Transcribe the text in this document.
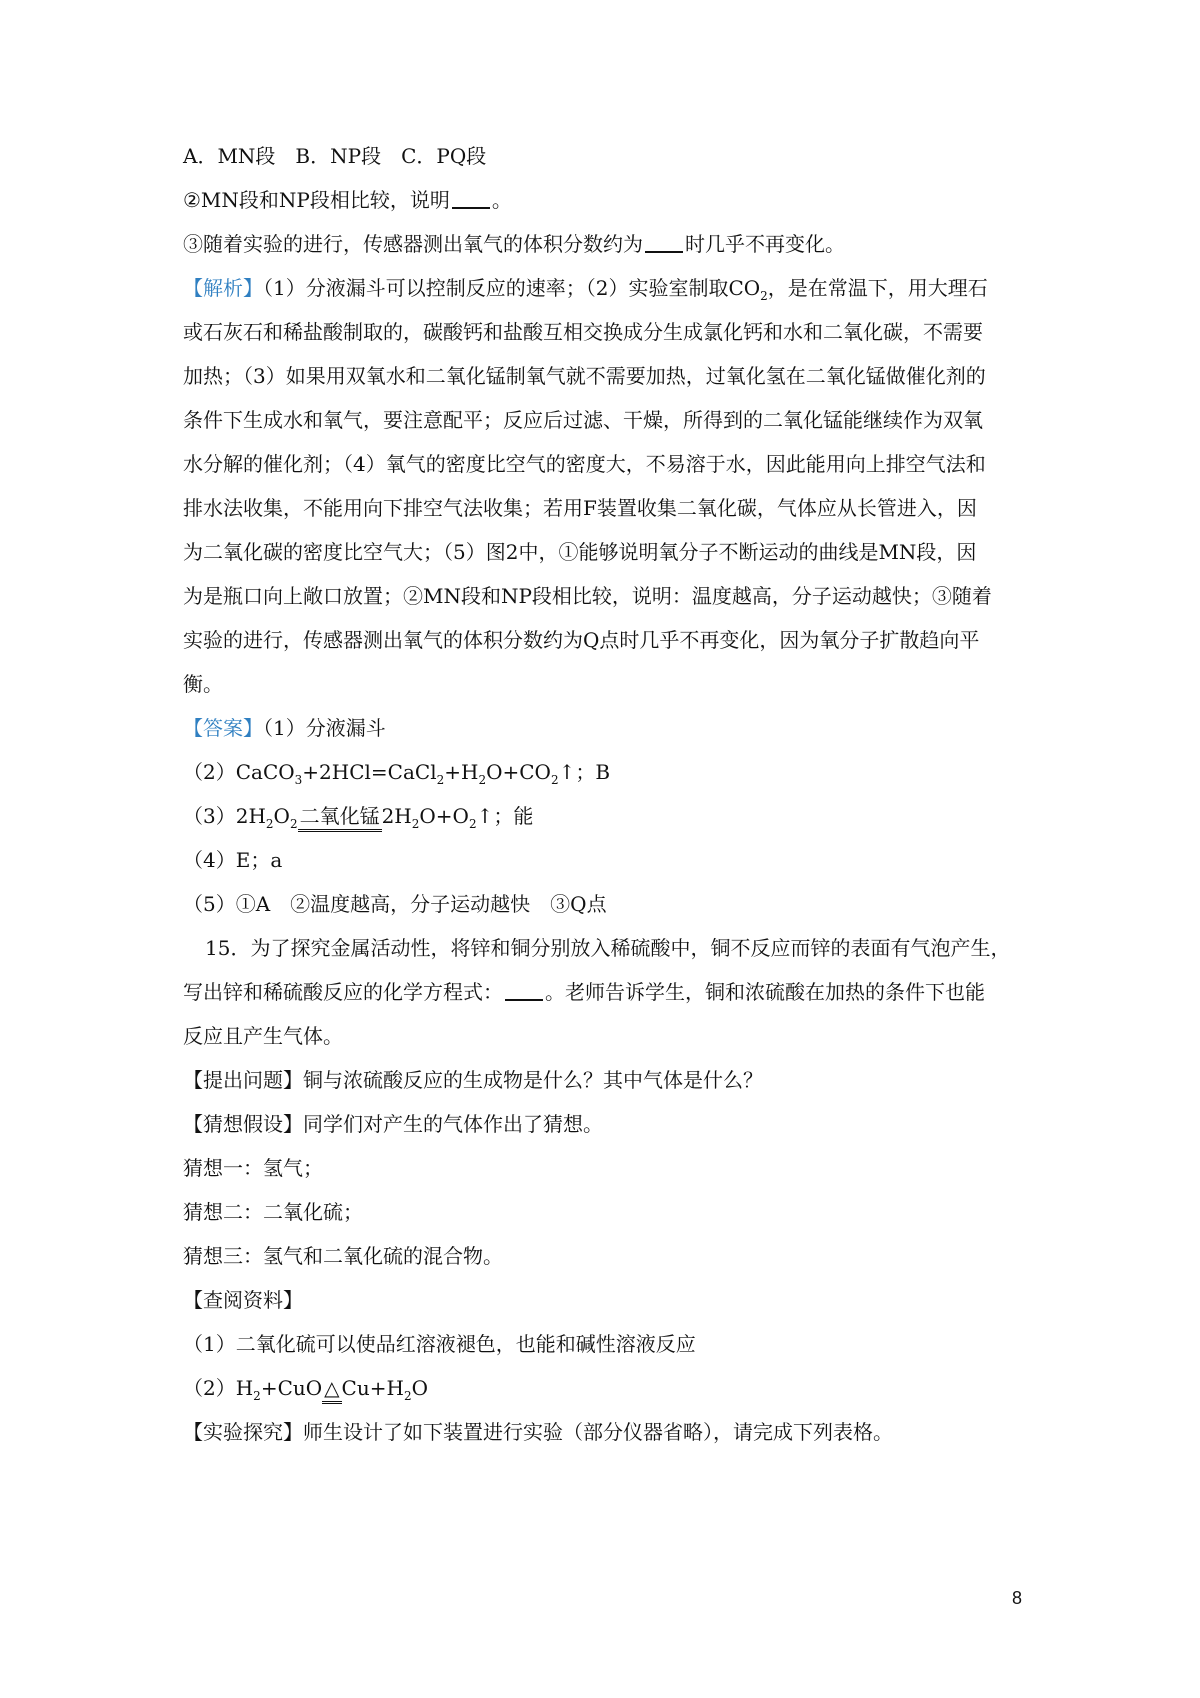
A．MN段　B．NP段　C．PQ段
②MN段和NP段相比较，说明 。
③随着实验的进行，传感器测出氧气的体积分数约为 时几乎不再变化。
【解析】（1）分液漏斗可以控制反应的速率；（2）实验室制取$CO_2$，是在常温下，用大理石
或石灰石和稀盐酸制取的，碳酸钙和盐酸互相交换成分生成氯化钙和水和二氧化碳，不需要
加热；（3）如果用双氧水和二氧化锰制氧气就不需要加热，过氧化氢在二氧化锰做催化剂的
条件下生成水和氧气，要注意配平；反应后过滤、干燥，所得到的二氧化锰能继续作为双氧
水分解的催化剂；（4）氧气的密度比空气的密度大，不易溶于水，因此能用向上排空气法和
排水法收集，不能用向下排空气法收集；若用F装置收集二氧化碳，气体应从长管进入，因
为二氧化碳的密度比空气大；（5）图2中，①能够说明氧分子不断运动的曲线是MN段，因
为是瓶口向上敞口放置；②MN段和NP段相比较，说明：温度越高，分子运动越快；③随着
实验的进行，传感器测出氧气的体积分数约为Q点时几乎不再变化，因为氧分子扩散趋向平
衡。
【答案】（1）分液漏斗
$(2)CaCO_3+2HCl=CaCl_2+H_2O+CO_2↑$；B
$(3)2H_2O_2$ 二氧化锰 $2H_2O+O_2↑$；能
（4）E；a
（5）①A　②温度越高，分子运动越快　③Q点
15．为了探究金属活动性，将锌和铜分别放入稀硫酸中，铜不反应而锌的表面有气泡产生，
写出锌和稀硫酸反应的化学方程式： 。老师告诉学生，铜和浓硫酸在加热的条件下也能
反应且产生气体。
【提出问题】铜与浓硫酸反应的生成物是什么？其中气体是什么？
【猜想假设】同学们对产生的气体作出了猜想。
猜想一：氢气；
猜想二：二氧化硫；
猜想三：氢气和二氧化硫的混合物。
【查阅资料】
（1）二氧化硫可以使品红溶液褪色，也能和碱性溶液反应
$(2)H_2+CuO$ △ $Cu+H_2O$
【实验探究】师生设计了如下装置进行实验（部分仪器省略），请完成下列表格。
8
